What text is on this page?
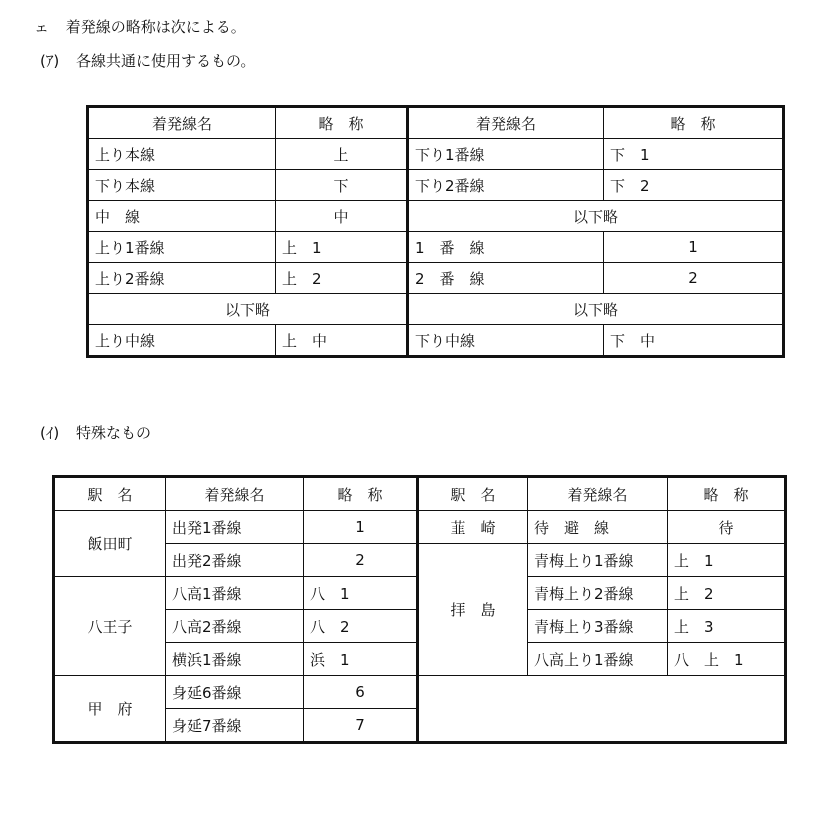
ェ 着発線の略称は次による。
(ｱ) 各線共通に使用するもの。
着発線名	略　称	着発線名	略　称
上り本線	上	下り1番線	下　1
下り本線	下	下り2番線	下　2
中　線	中	以下略	
上り1番線	上　1	1　番　線	1
上り2番線	上　2	2　番　線	2
以下略		以下略	
上り中線	上　中	下り中線	下　中
(ｲ) 特殊なもの
駅　名	着発線名	略　称	駅　名	着発線名	略　称
飯田町	出発1番線	1	韮　崎	待　避　線	待
	出発2番線	2	拝　島	青梅上り1番線	上　1
八王子	八高1番線	八　1		青梅上り2番線	上　2
	八高2番線	八　2		青梅上り3番線	上　3
	横浜1番線	浜　1		八高上り1番線	八　上　1
甲　府	身延6番線	6			
	身延7番線	7			
